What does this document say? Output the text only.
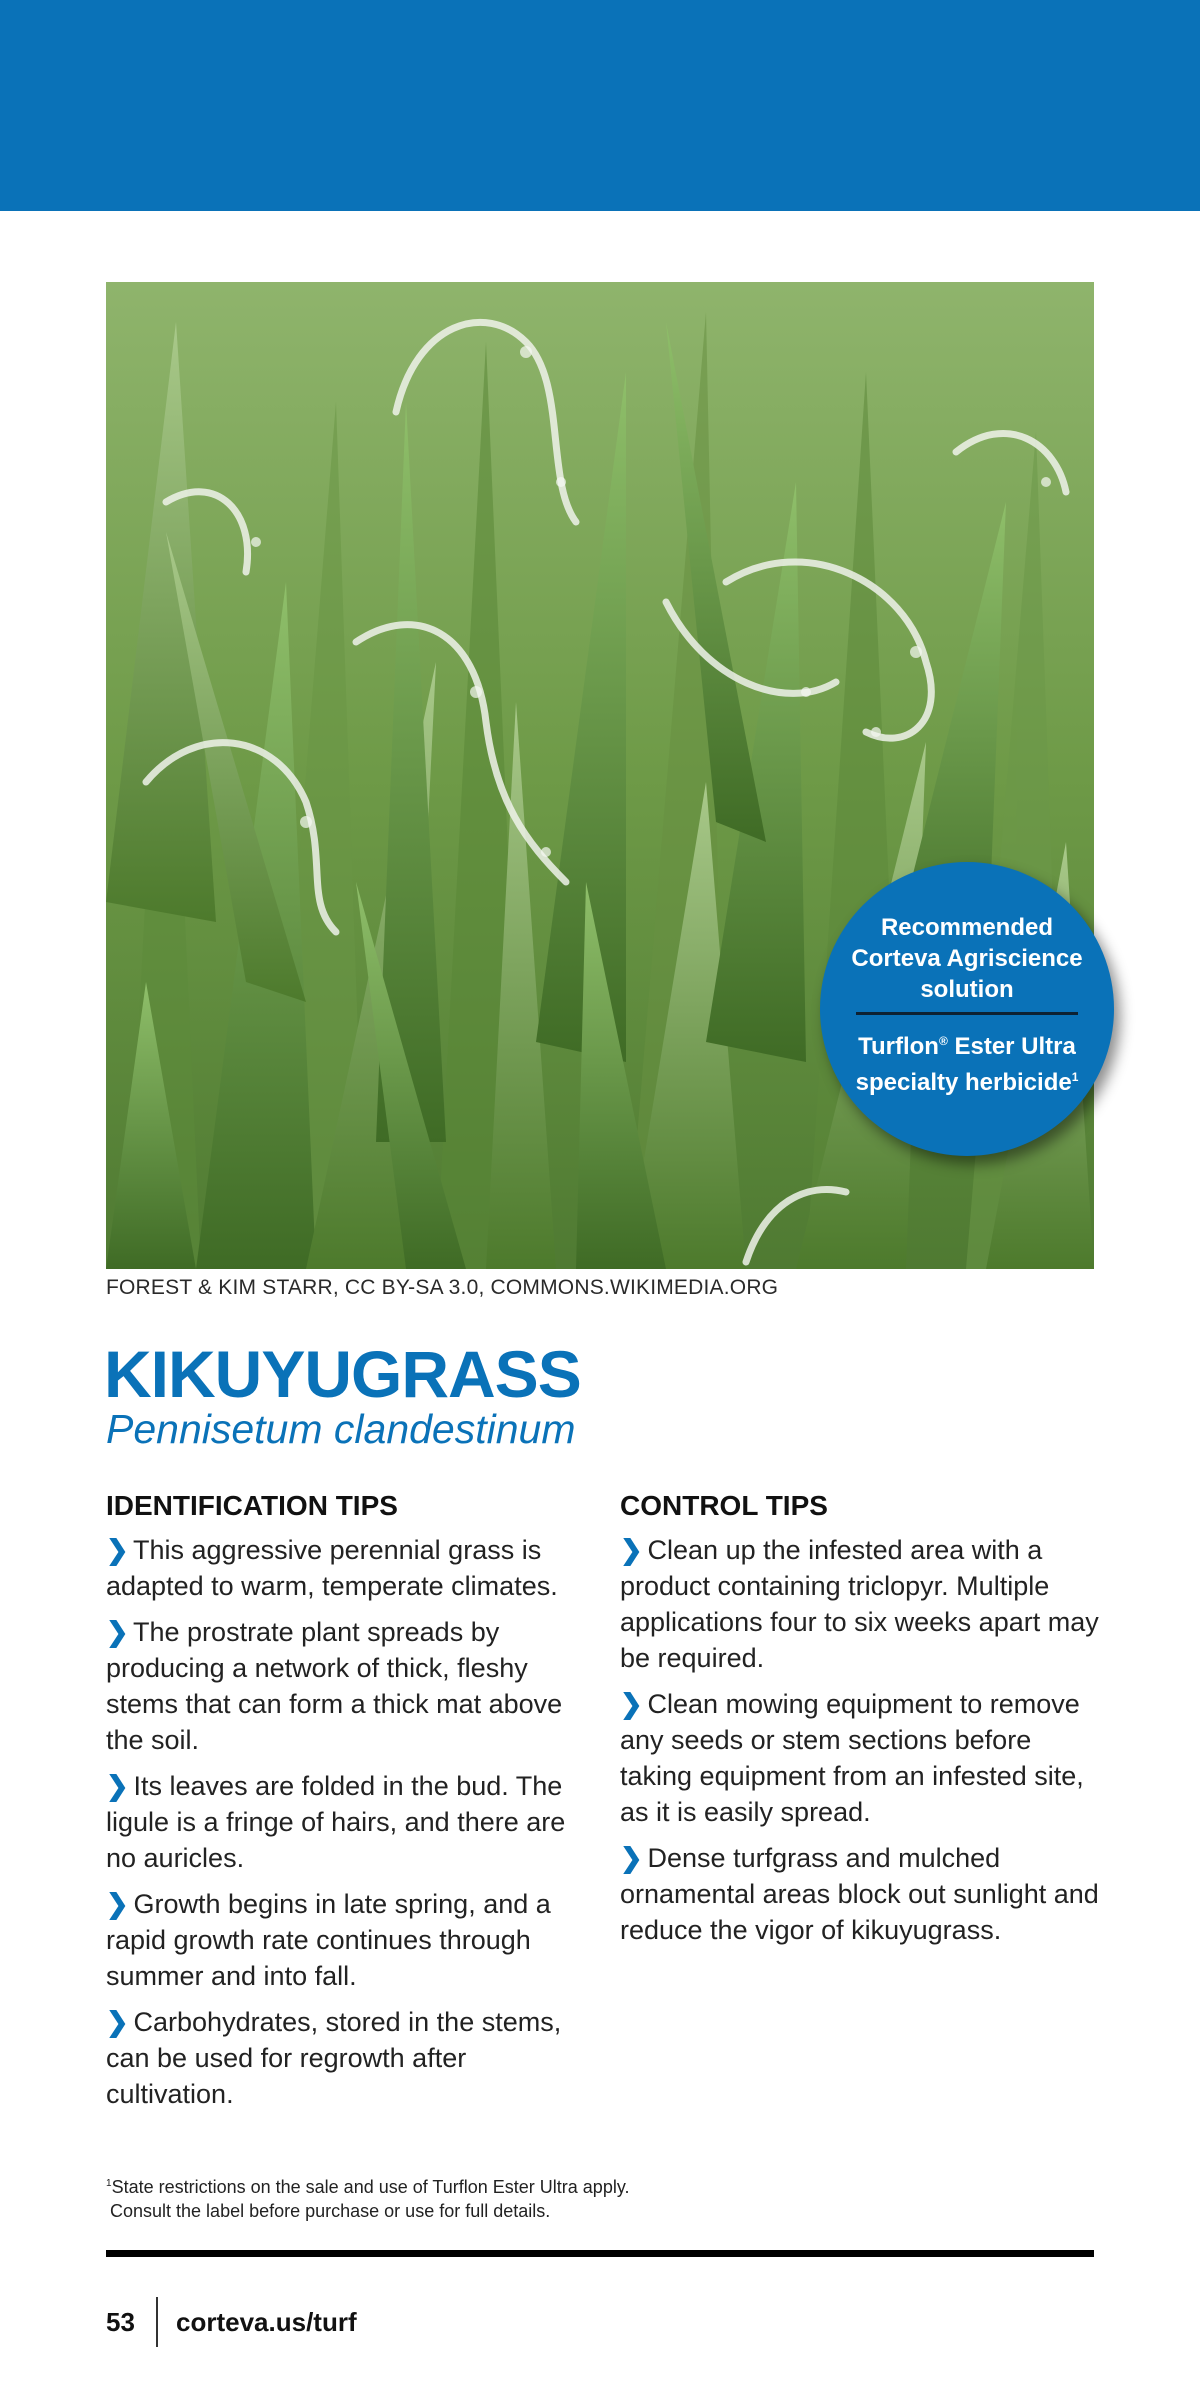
Recommended Corteva Agriscience solution
Turflon® Ester Ultra specialty herbicide$^1$
FOREST & KIM STARR, CC BY-SA 3.0, COMMONS.WIKIMEDIA.ORG
KIKUYUGRASS
Pennisetum clandestinum
IDENTIFICATION TIPS
❯ This aggressive perennial grass is adapted to warm, temperate climates.
❯ The prostrate plant spreads by producing a network of thick, fleshy stems that can form a thick mat above the soil.
❯ Its leaves are folded in the bud. The ligule is a fringe of hairs, and there are no auricles.
❯ Growth begins in late spring, and a rapid growth rate continues through summer and into fall.
❯ Carbohydrates, stored in the stems, can be used for regrowth after cultivation.
CONTROL TIPS
❯ Clean up the infested area with a product containing triclopyr. Multiple applications four to six weeks apart may be required.
❯ Clean mowing equipment to remove any seeds or stem sections before taking equipment from an infested site, as it is easily spread.
❯ Dense turfgrass and mulched ornamental areas block out sunlight and reduce the vigor of kikuyugrass.
$^1$State restrictions on the sale and use of Turflon Ester Ultra apply.
Consult the label before purchase or use for full details.
53	corteva.us/turf
